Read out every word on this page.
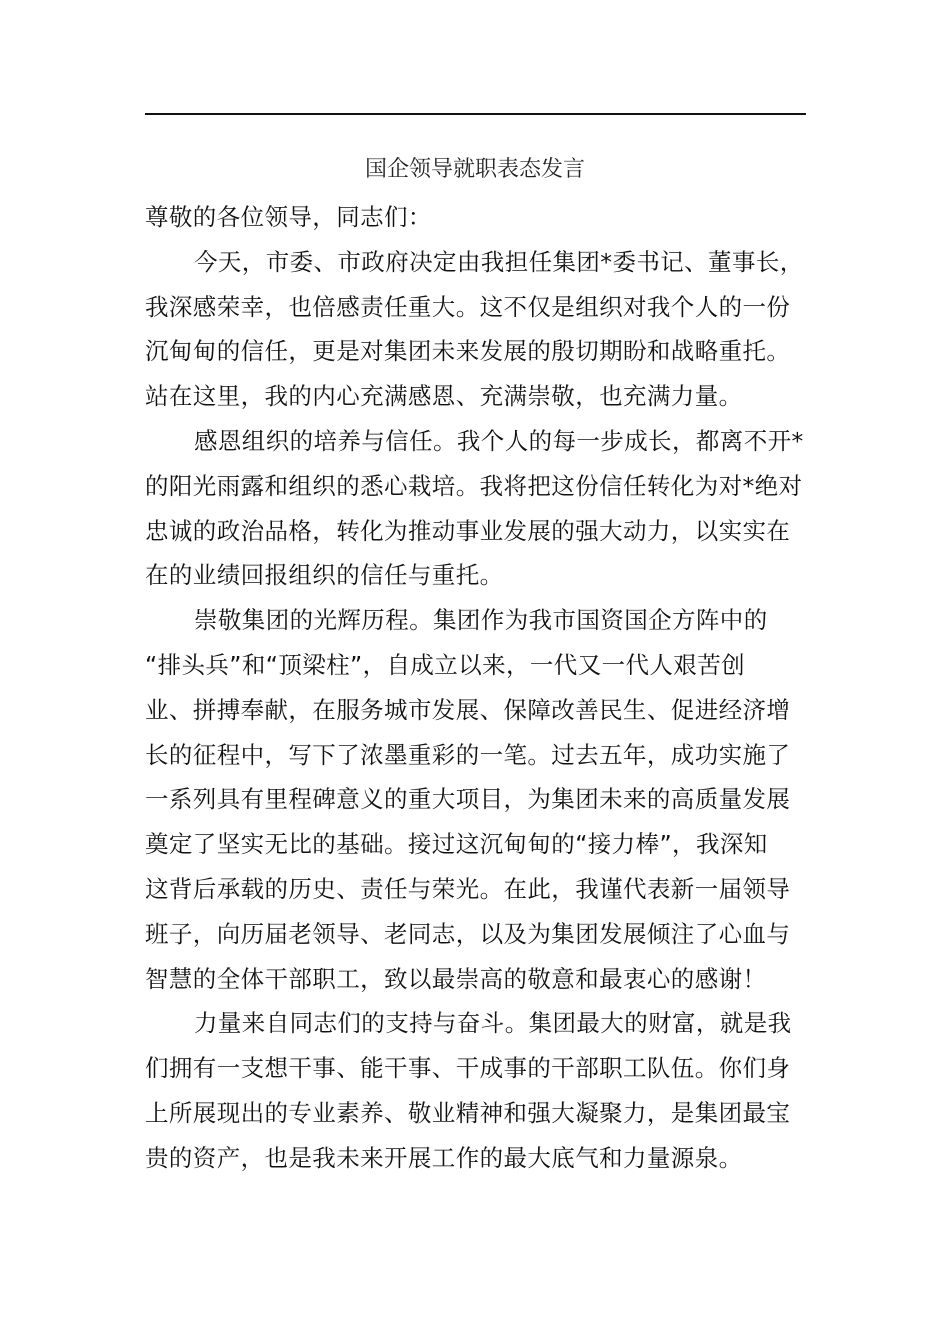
国企领导就职表态发言
尊敬的各位领导，同志们：
今天，市委、市政府决定由我担任集团*委书记、董事长，
我深感荣幸，也倍感责任重大。这不仅是组织对我个人的一份
沉甸甸的信任，更是对集团未来发展的殷切期盼和战略重托。
站在这里，我的内心充满感恩、充满崇敬，也充满力量。
感恩组织的培养与信任。我个人的每一步成长，都离不开*
的阳光雨露和组织的悉心栽培。我将把这份信任转化为对*绝对
忠诚的政治品格，转化为推动事业发展的强大动力，以实实在
在的业绩回报组织的信任与重托。
崇敬集团的光辉历程。集团作为我市国资国企方阵中的
“排头兵”和“顶梁柱”，自成立以来，一代又一代人艰苦创
业、拼搏奉献，在服务城市发展、保障改善民生、促进经济增
长的征程中，写下了浓墨重彩的一笔。过去五年，成功实施了
一系列具有里程碑意义的重大项目，为集团未来的高质量发展
奠定了坚实无比的基础。接过这沉甸甸的“接力棒”，我深知
这背后承载的历史、责任与荣光。在此，我谨代表新一届领导
班子，向历届老领导、老同志，以及为集团发展倾注了心血与
智慧的全体干部职工，致以最崇高的敬意和最衷心的感谢！
力量来自同志们的支持与奋斗。集团最大的财富，就是我
们拥有一支想干事、能干事、干成事的干部职工队伍。你们身
上所展现出的专业素养、敬业精神和强大凝聚力，是集团最宝
贵的资产，也是我未来开展工作的最大底气和力量源泉。
